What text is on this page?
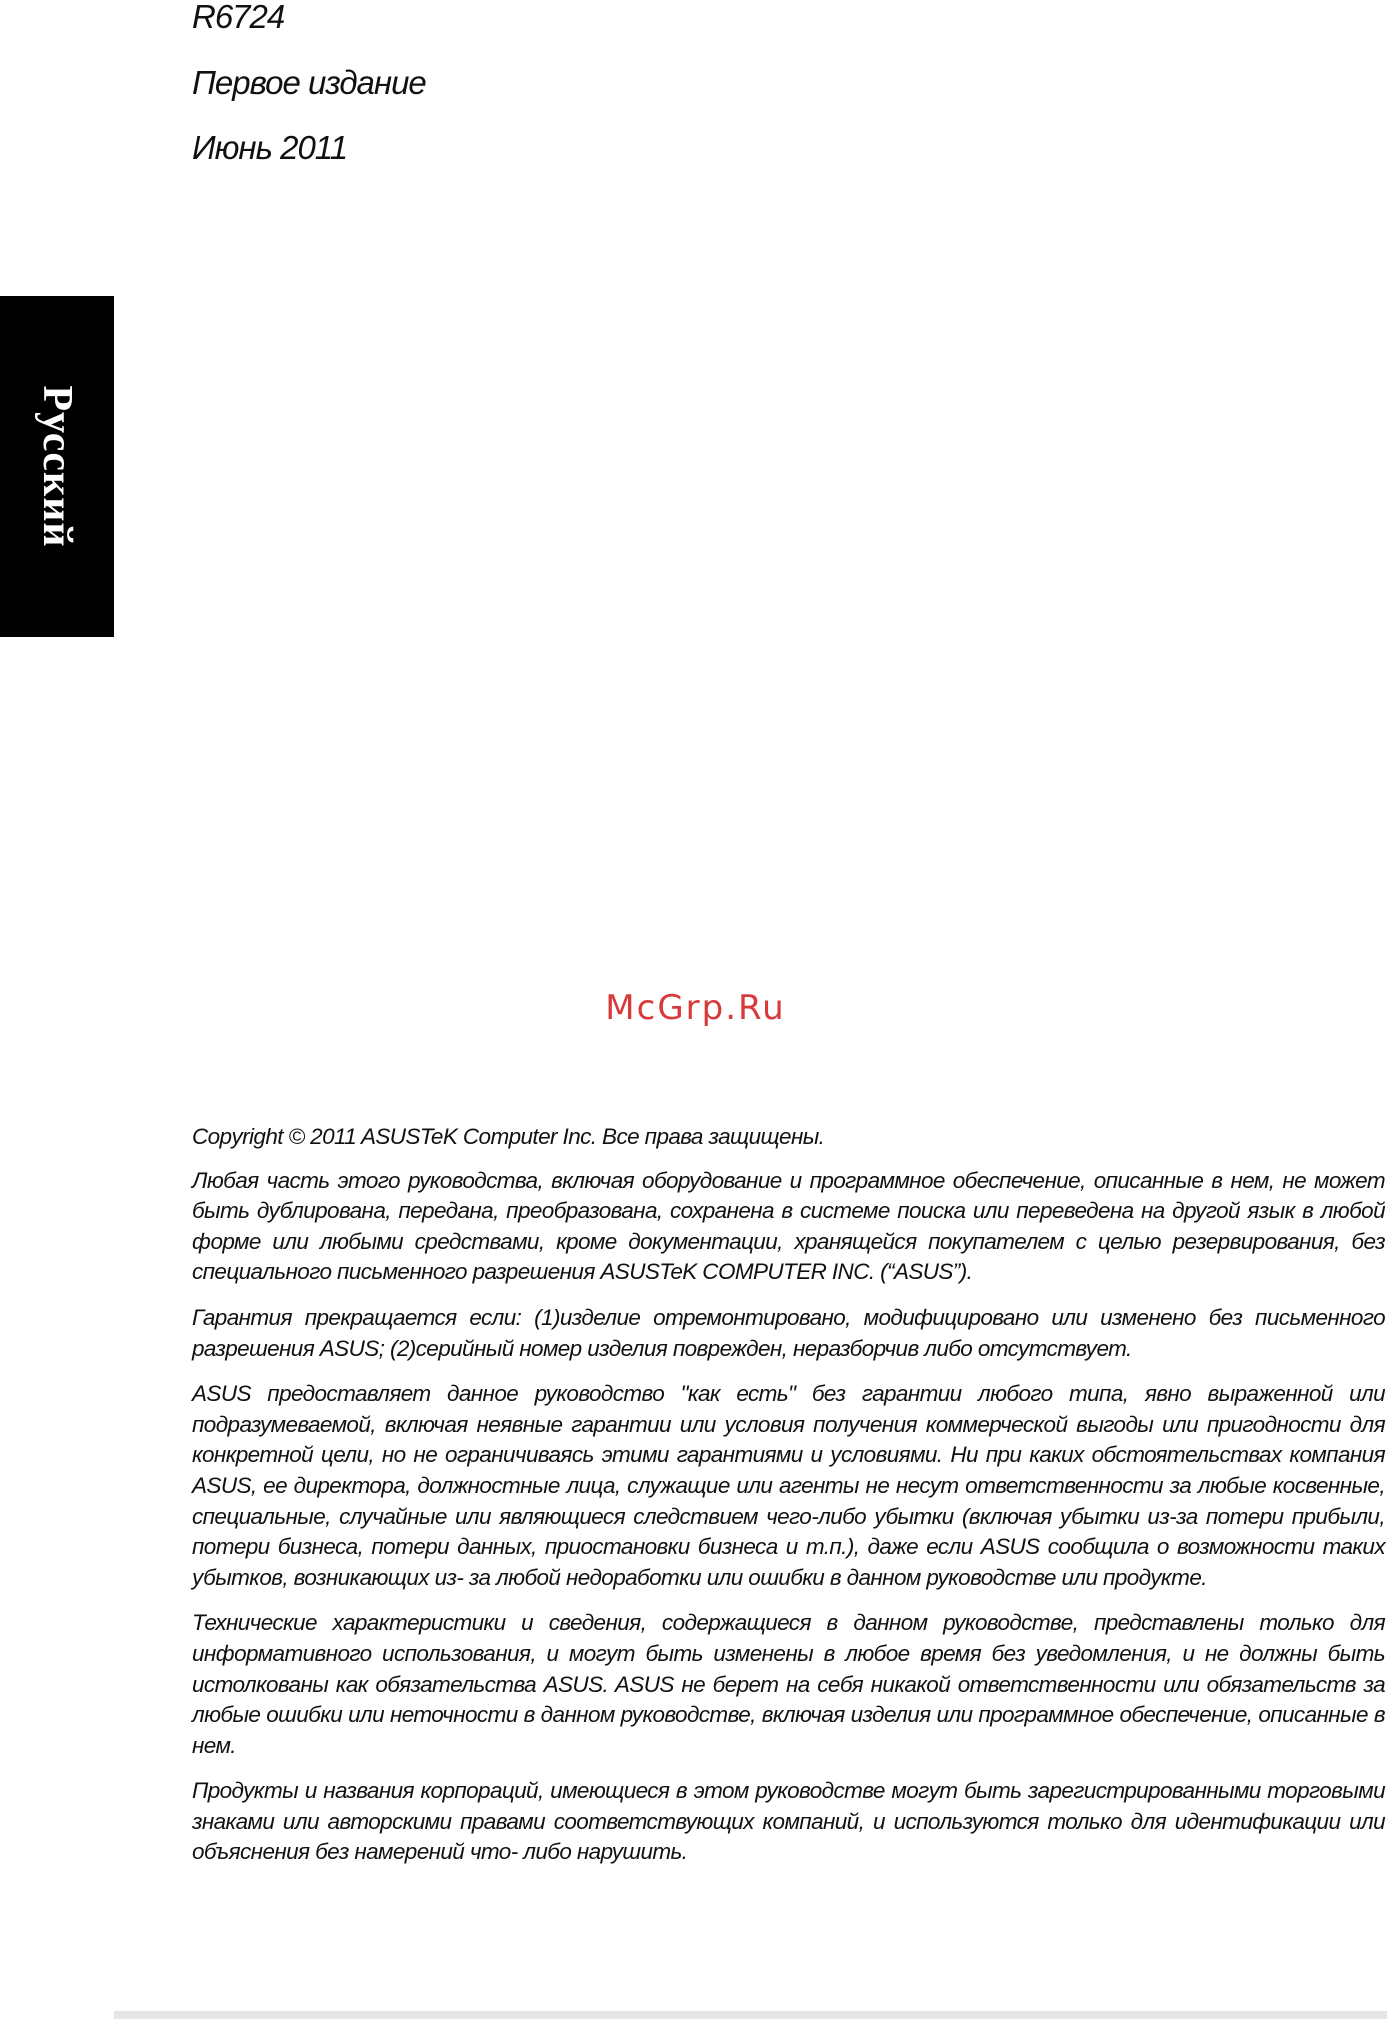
R6724
Первое издание
Июнь 2011
Русский
McGrp.Ru

Copyright © 2011 ASUSTeK Computer Inc. Все права защищены.

Любая часть этого руководства, включая оборудование и программное обеспечение, описанные в нем, не может быть дублирована, передана, преобразована, сохранена в системе поиска или переведена на другой язык в любой форме или любыми средствами, кроме документации, хранящейся покупателем с целью резервирования, без специального письменного разрешения ASUSTeK COMPUTER INC. (“ASUS”).

Гарантия прекращается если: (1)изделие отремонтировано, модифицировано или изменено без письменного разрешения ASUS; (2)серийный номер изделия поврежден, неразборчив либо отсутствует.

ASUS предоставляет данное руководство "как есть" без гарантии любого типа, явно выраженной или подразумеваемой, включая неявные гарантии или условия получения коммерческой выгоды или пригодности для конкретной цели, но не ограничиваясь этими гарантиями и условиями. Ни при каких обстоятельствах компания ASUS, ее директора, должностные лица, служащие или агенты не несут ответственности за любые косвенные, специальные, случайные или являющиеся следствием чего-либо убытки (включая убытки из-за потери прибыли, потери бизнеса, потери данных, приостановки бизнеса и т.п.), даже если ASUS сообщила о возможности таких убытков, возникающих из- за любой недоработки или ошибки в данном руководстве или продукте.

Технические характеристики и сведения, содержащиеся в данном руководстве, представлены только для информативного использования, и могут быть изменены в любое время без уведомления, и не должны быть истолкованы как обязательства ASUS. ASUS не берет на себя никакой ответственности или обязательств за любые ошибки или неточности в данном руководстве, включая изделия или программное обеспечение, описанные в нем.

Продукты и названия корпораций, имеющиеся в этом руководстве могут быть зарегистрированными торговыми знаками или авторскими правами соответствующих компаний, и используются только для идентификации или объяснения без намерений что- либо нарушить.
